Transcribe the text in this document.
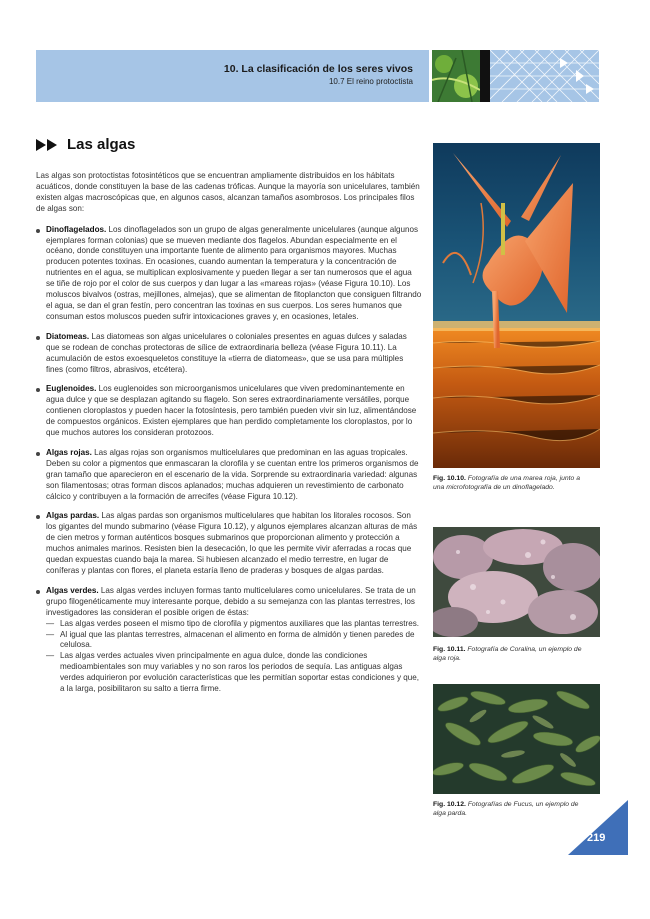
10. La clasificación de los seres vivos
10.7 El reino protoctista
Las algas

Las algas son protoctistas fotosintéticos que se encuentran ampliamente distribuidos en los hábitats acuáticos, donde constituyen la base de las cadenas tróficas. Aunque la mayoría son unicelulares, también existen algas macroscópicas que, en algunos casos, alcanzan tamaños asombrosos. Los principales filos de algas son:

Dinoflagelados. Los dinoflagelados son un grupo de algas generalmente unicelulares (aunque algunos ejemplares forman colonias) que se mueven mediante dos flagelos. Abundan especialmente en el océano, donde constituyen una importante fuente de alimento para organismos mayores. Muchas producen potentes toxinas. En ocasiones, cuando aumentan la temperatura y la concentración de nutrientes en el agua, se multiplican explosivamente y pueden llegar a ser tan numerosos que el agua se tiñe de rojo por el color de sus cuerpos y dan lugar a las «mareas rojas» (véase Figura 10.10). Los moluscos bivalvos (ostras, mejillones, almejas), que se alimentan de fitoplancton que consiguen filtrando el agua, se dan el gran festín, pero concentran las toxinas en sus cuerpos. Los seres humanos que consuman estos moluscos pueden sufrir intoxicaciones graves y, en ocasiones, letales.
Diatomeas. Las diatomeas son algas unicelulares o coloniales presentes en aguas dulces y saladas que se rodean de conchas protectoras de sílice de extraordinaria belleza (véase Figura 10.11). La acumulación de estos exoesqueletos constituye la «tierra de diatomeas», que se usa para múltiples fines (como filtros, abrasivos, etcétera).
Euglenoides. Los euglenoides son microorganismos unicelulares que viven predominantemente en agua dulce y que se desplazan agitando su flagelo. Son seres extraordinariamente versátiles, porque contienen cloroplastos y pueden hacer la fotosíntesis, pero también pueden vivir sin luz, alimentándose de compuestos orgánicos. Existen ejemplares que han perdido completamente los cloroplastos, por lo que muchos autores los consideran protozoos.
Algas rojas. Las algas rojas son organismos multicelulares que predominan en las aguas tropicales. Deben su color a pigmentos que enmascaran la clorofila y se cuentan entre los primeros organismos de gran tamaño que aparecieron en el escenario de la vida. Sorprende su extraordinaria variedad: algunas son filamentosas; otras forman discos aplanados; muchas adquieren un revestimiento de carbonato cálcico y contribuyen a la formación de arrecifes (véase Figura 10.12).
Algas pardas. Las algas pardas son organismos multicelulares que habitan los litorales rocosos. Son los gigantes del mundo submarino (véase Figura 10.12), y algunos ejemplares alcanzan alturas de más de cien metros y forman auténticos bosques submarinos que proporcionan alimento y protección a muchos animales marinos. Resisten bien la desecación, lo que les permite vivir aferradas a rocas que quedan expuestas cuando baja la marea. Si hubiesen alcanzado el medio terrestre, en lugar de coníferas y plantas con flores, el planeta estaría lleno de praderas y bosques de algas pardas.
Algas verdes. Las algas verdes incluyen formas tanto multicelulares como unicelulares. Se trata de un grupo filogenéticamente muy interesante porque, debido a su semejanza con las plantas terrestres, los investigadores las consideran el posible origen de éstas:
— Las algas verdes poseen el mismo tipo de clorofila y pigmentos auxiliares que las plantas terrestres.
— Al igual que las plantas terrestres, almacenan el alimento en forma de almidón y tienen paredes de celulosa.
— Las algas verdes actuales viven principalmente en agua dulce, donde las condiciones medioambientales son muy variables y no son raros los periodos de sequía. Las antiguas algas verdes adquirieron por evolución características que les permitían soportar estas condiciones y que, a la larga, posibilitaron su salto a tierra firme.
Fig. 10.10. Fotografía de una marea roja, junto a una microfotografía de un dinoflagelado.
Fig. 10.11. Fotografía de Coralina, un ejemplo de alga roja.
Fig. 10.12. Fotografías de Fucus, un ejemplo de alga parda.
219
